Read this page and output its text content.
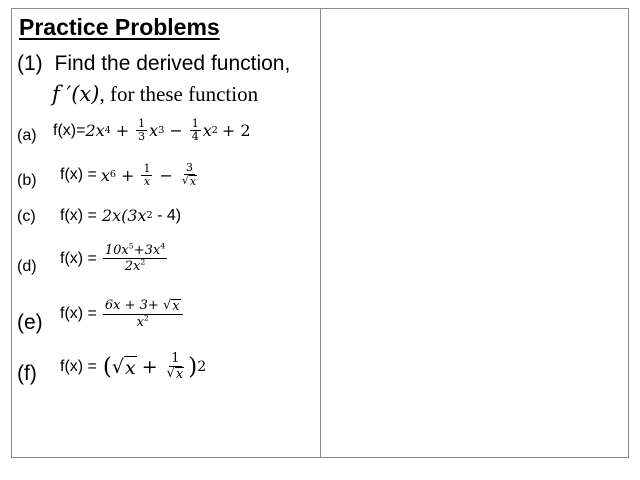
Practice Problems
(1) Find the derived function,
f ′(x), for these function
(a) f(x)= 2x $4 + \frac{1}{3}$ x $3 - \frac{1}{4}$ x 2 + 2
(b) f(x) = x $6 + \frac{1}{x} - \frac{3}{√ x}$
(c) f(x) = 2x (3x 2 - 4)
(d) $f(x) = \frac{10x^5+3x^4}{2x^2}$
(e) $f(x) = \frac{6x + 3+ √ x}{x^2}$
(f) f(x) = ( √ $x + \frac{1}{√ x}$ ) 2
